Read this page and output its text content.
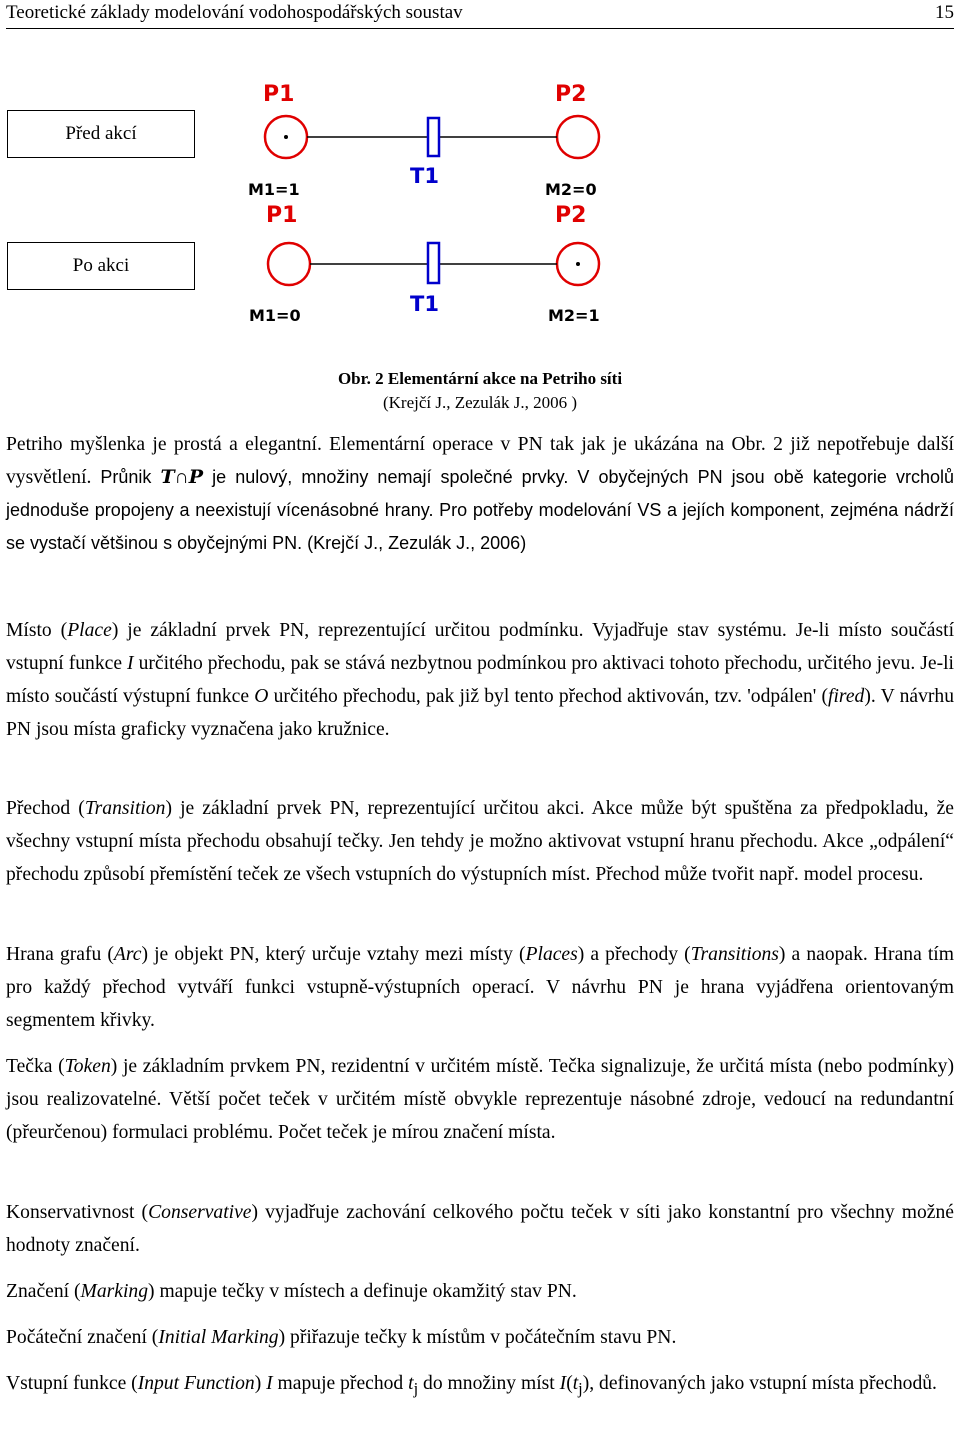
Teoretické základy modelování vodohospodářských soustav	15
Před akcí
Po akci
P1	P2
T1
M1=1	M2=0
P1	P2
T1
M1=0	M2=1
Obr. 2 Elementární akce na Petriho síti
(Krejčí J., Zezulák J., 2006 )

Petriho myšlenka je prostá a elegantní. Elementární operace v PN tak jak je ukázána na Obr. 2 již nepotřebuje další vysvětlení. Průnik T∩P je nulový, množiny nemají společné prvky. V obyčejných PN jsou obě kategorie vrcholů jednoduše propojeny a neexistují vícenásobné hrany. Pro potřeby modelování VS a jejích komponent, zejména nádrží se vystačí většinou s obyčejnými PN. (Krejčí J., Zezulák J., 2006)

Místo (Place) je základní prvek PN, reprezentující určitou podmínku. Vyjadřuje stav systému. Je-li místo součástí vstupní funkce I určitého přechodu, pak se stává nezbytnou podmínkou pro aktivaci tohoto přechodu, určitého jevu. Je-li místo součástí výstupní funkce O určitého přechodu, pak již byl tento přechod aktivován, tzv. 'odpálen' (fired). V návrhu PN jsou místa graficky vyznačena jako kružnice.

Přechod (Transition) je základní prvek PN, reprezentující určitou akci. Akce může být spuštěna za předpokladu, že všechny vstupní místa přechodu obsahují tečky. Jen tehdy je možno aktivovat vstupní hranu přechodu. Akce „odpálení“ přechodu způsobí přemístění teček ze všech vstupních do výstupních míst. Přechod může tvořit např. model procesu.

Hrana grafu (Arc) je objekt PN, který určuje vztahy mezi místy (Places) a přechody (Transitions) a naopak. Hrana tím pro každý přechod vytváří funkci vstupně-výstupních operací. V návrhu PN je hrana vyjádřena orientovaným segmentem křivky.

Tečka (Token) je základním prvkem PN, rezidentní v určitém místě. Tečka signalizuje, že určitá místa (nebo podmínky) jsou realizovatelné. Větší počet teček v určitém místě obvykle reprezentuje násobné zdroje, vedoucí na redundantní (přeurčenou) formulaci problému. Počet teček je mírou značení místa.

Konservativnost (Conservative) vyjadřuje zachování celkového počtu teček v síti jako konstantní pro všechny možné hodnoty značení.

Značení (Marking) mapuje tečky v místech a definuje okamžitý stav PN.

Počáteční značení (Initial Marking) přiřazuje tečky k místům v počátečním stavu PN.

Vstupní funkce (Input Function) I mapuje přechod $t_j$ do množiny míst $I(t_j)$, definovaných jako vstupní místa přechodů.
